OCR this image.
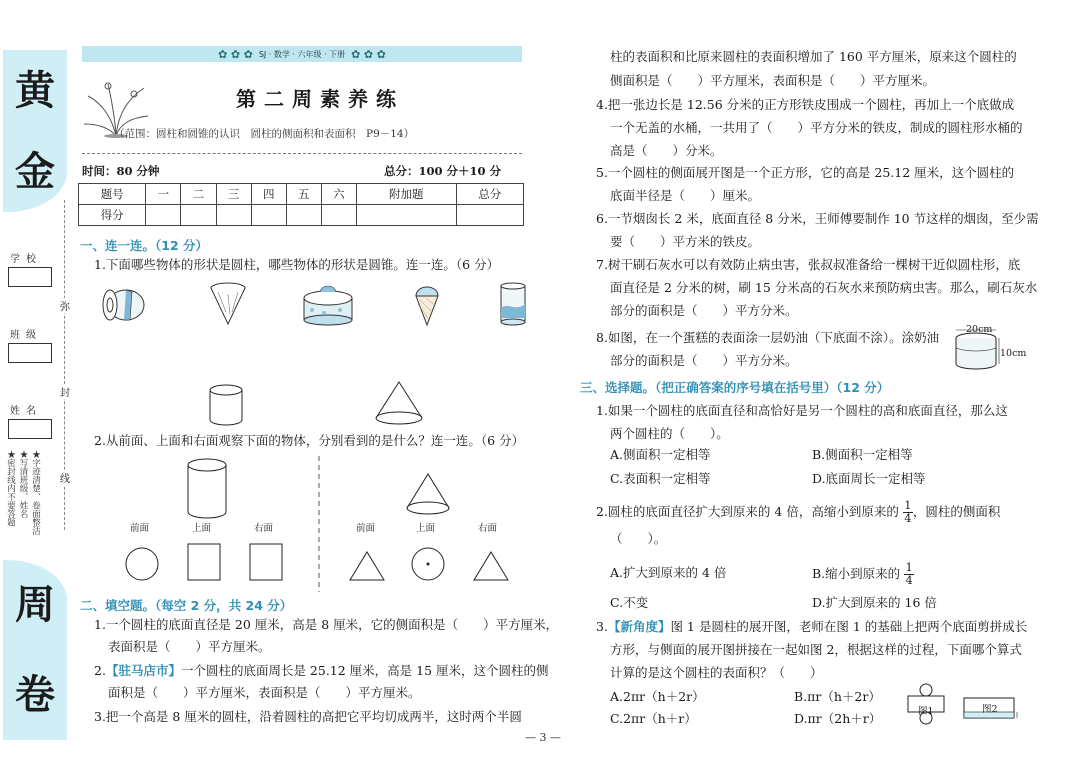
黄
金
学校
班级
姓名
★密封线内不要答题 ★写清班级、姓名 ★字迹清楚、卷面整洁
弥
封
线
周
卷
✿ ✿ ✿ SJ · 数学 · 六年级 · 下册 ✿ ✿ ✿
第二周素养练
（范围：圆柱和圆锥的认识　圆柱的侧面积和表面积　P9－14）
时间：80 分钟	总分：100 分＋10 分
题号	一	二	三	四	五	六	附加题	总分
得分								
一、连一连。（12 分）
1.下面哪些物体的形状是圆柱，哪些物体的形状是圆锥。连一连。（6 分）
2.从前面、上面和右面观察下面的物体，分别看到的是什么？连一连。（6 分）
前面	上面	右面	前面	上面	右面
二、填空题。（每空 2 分，共 24 分）
1.一个圆柱的底面直径是 20 厘米，高是 8 厘米，它的侧面积是（　　）平方厘米，
表面积是（　　）平方厘米。
2.【驻马店市】一个圆柱的底面周长是 25.12 厘米，高是 15 厘米，这个圆柱的侧
面积是（　　）平方厘米，表面积是（　　）平方厘米。
3.把一个高是 8 厘米的圆柱，沿着圆柱的高把它平均切成两半，这时两个半圆
柱的表面积和比原来圆柱的表面积增加了 160 平方厘米，原来这个圆柱的
侧面积是（　　）平方厘米，表面积是（　　）平方厘米。
4.把一张边长是 12.56 分米的正方形铁皮围成一个圆柱，再加上一个底做成
一个无盖的水桶，一共用了（　　）平方分米的铁皮，制成的圆柱形水桶的
高是（　　）分米。
5.一个圆柱的侧面展开图是一个正方形，它的高是 25.12 厘米，这个圆柱的
底面半径是（　　）厘米。
6.一节烟囱长 2 米，底面直径 8 分米，王师傅要制作 10 节这样的烟囱，至少需
要（　　）平方米的铁皮。
7.树干刷石灰水可以有效防止病虫害，张叔叔准备给一棵树干近似圆柱形，底
面直径是 2 分米的树，刷 15 分米高的石灰水来预防病虫害。那么，刷石灰水
部分的面积是（　　）平方分米。
8.如图，在一个蛋糕的表面涂一层奶油（下底面不涂）。涂奶油
部分的面积是（　　）平方分米。
20cm
10cm
三、选择题。（把正确答案的序号填在括号里）（12 分）
1.如果一个圆柱的底面直径和高恰好是另一个圆柱的高和底面直径，那么这
两个圆柱的（　　）。
A.侧面积一定相等	B.侧面积一定相等
C.表面积一定相等	D.底面周长一定相等
2.圆柱的底面直径扩大到原来的 4 倍，高缩小到原来的 $\frac{1}{4}$ ，圆柱的侧面积
（　　）。
A.扩大到原来的 4 倍	B.缩小到原来的 $\frac{1}{4}$
C.不变	D.扩大到原来的 16 倍
3.【新角度】图 1 是圆柱的展开图，老师在图 1 的基础上把两个底面剪拼成长
方形，与侧面的展开图拼接在一起如图 2，根据这样的过程，下面哪个算式
计算的是这个圆柱的表面积？（　　）
A.2πr（h＋2r）	B.πr（h＋2r）
C.2πr（h＋r）	D.πr（2h＋r）	图1	图2
— 3 —
